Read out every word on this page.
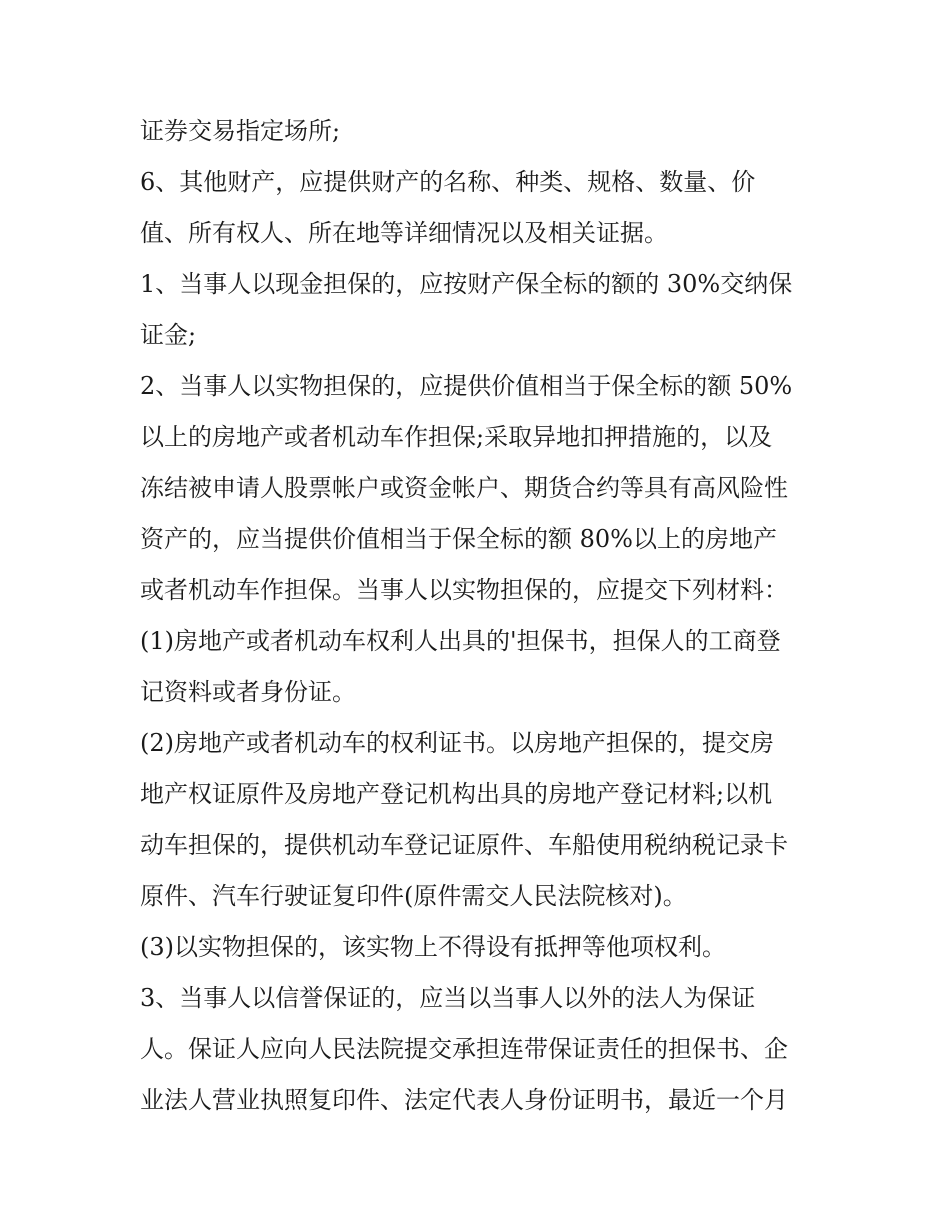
证券交易指定场所;
6、其他财产，应提供财产的名称、种类、规格、数量、价
值、所有权人、所在地等详细情况以及相关证据。
1、当事人以现金担保的，应按财产保全标的额的 30%交纳保
证金;
2、当事人以实物担保的，应提供价值相当于保全标的额 50%
以上的房地产或者机动车作担保;采取异地扣押措施的，以及
冻结被申请人股票帐户或资金帐户、期货合约等具有高风险性
资产的，应当提供价值相当于保全标的额 80%以上的房地产
或者机动车作担保。当事人以实物担保的，应提交下列材料：
(1)房地产或者机动车权利人出具的'担保书，担保人的工商登
记资料或者身份证。
(2)房地产或者机动车的权利证书。以房地产担保的，提交房
地产权证原件及房地产登记机构出具的房地产登记材料;以机
动车担保的，提供机动车登记证原件、车船使用税纳税记录卡
原件、汽车行驶证复印件(原件需交人民法院核对)。
(3)以实物担保的，该实物上不得设有抵押等他项权利。
3、当事人以信誉保证的，应当以当事人以外的法人为保证
人。保证人应向人民法院提交承担连带保证责任的担保书、企
业法人营业执照复印件、法定代表人身份证明书，最近一个月
